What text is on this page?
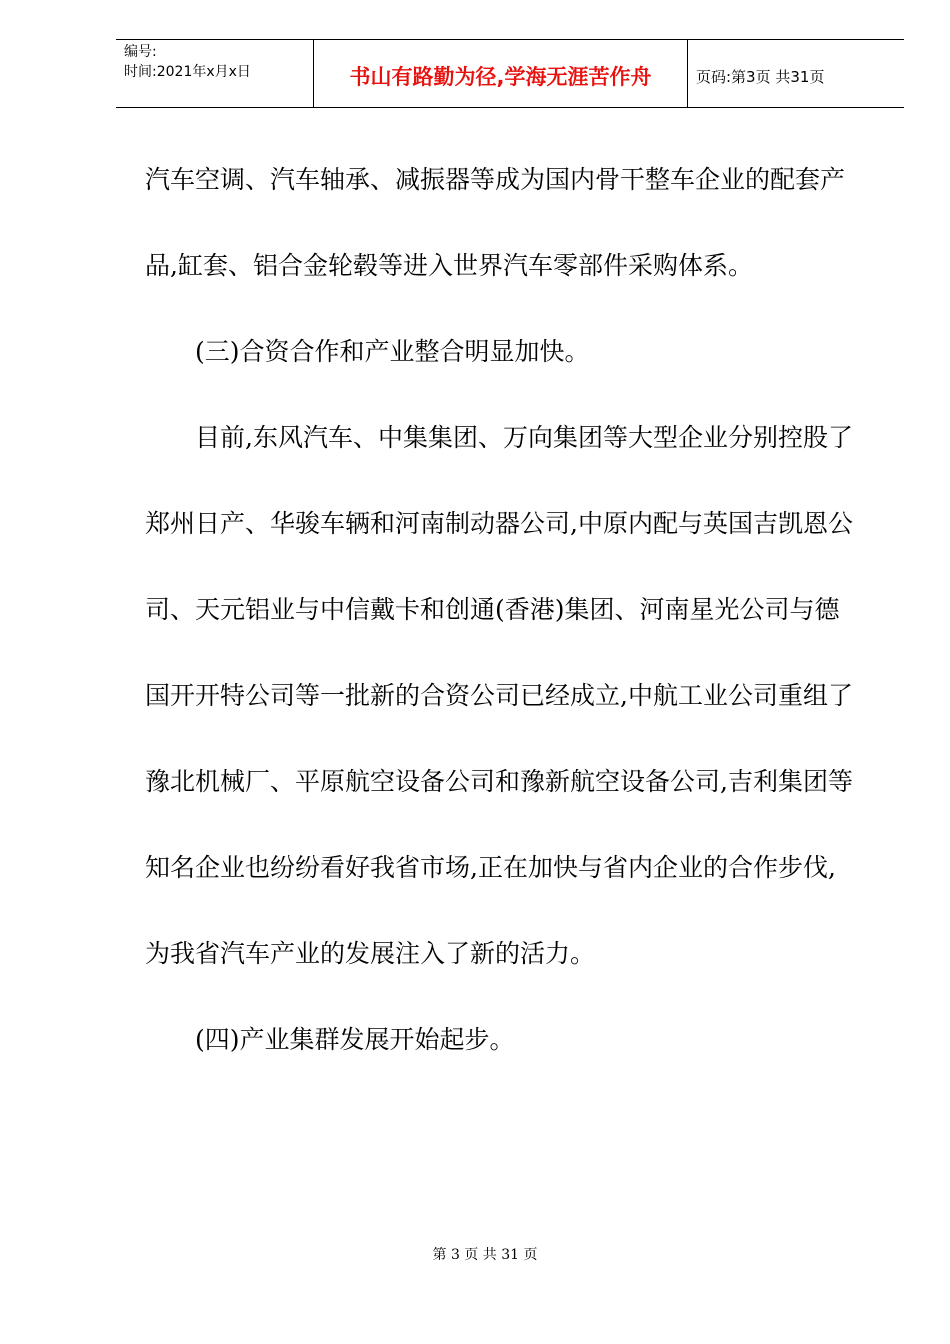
编号:
时间:2021年x月x日	书山有路勤为径,学海无涯苦作舟	页码:第3页 共31页

汽车空调、汽车轴承、减振器等成为国内骨干整车企业的配套产

品,缸套、铝合金轮毂等进入世界汽车零部件采购体系。

(三)合资合作和产业整合明显加快。

目前,东风汽车、中集集团、万向集团等大型企业分别控股了

郑州日产、华骏车辆和河南制动器公司,中原内配与英国吉凯恩公

司、天元铝业与中信戴卡和创通(香港)集团、河南星光公司与德

国开开特公司等一批新的合资公司已经成立,中航工业公司重组了

豫北机械厂、平原航空设备公司和豫新航空设备公司,吉利集团等

知名企业也纷纷看好我省市场,正在加快与省内企业的合作步伐,

为我省汽车产业的发展注入了新的活力。

(四)产业集群发展开始起步。

第 3 页 共 31 页
